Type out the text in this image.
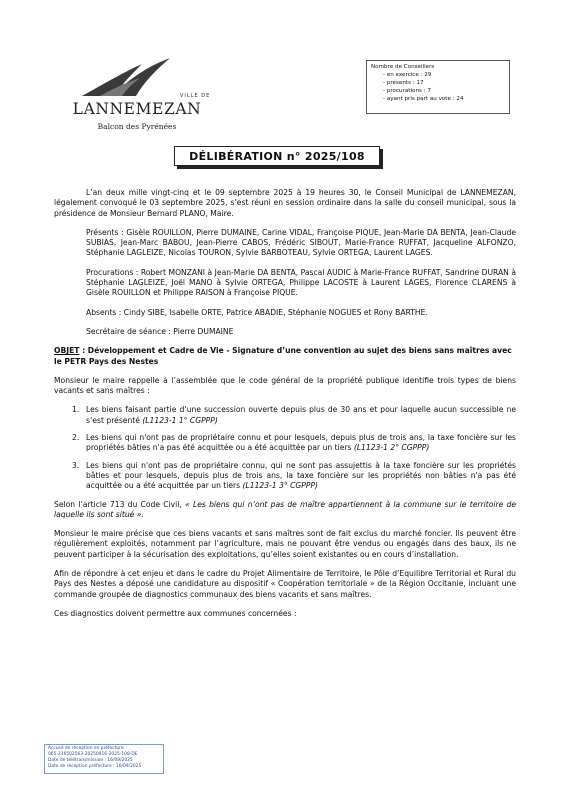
VILLE DE
LANNEMEZAN
Balcon des Pyrénées
Nombre de Conseillers
- en exercice : 29
- présents : 17
- procurations : 7
- ayant pris part au vote : 24
DÉLIBÉRATION n° 2025/108

L’an deux mille vingt-cinq et le 09 septembre 2025 à 19 heures 30, le Conseil Municipal de LANNEMEZAN, légalement convoqué le 03 septembre 2025, s’est réuni en session ordinaire dans la salle du conseil municipal, sous la présidence de Monsieur Bernard PLANO, Maire.

Présents : Gisèle ROUILLON, Pierre DUMAINE, Carine VIDAL, Françoise PIQUE, Jean-Marie DA BENTA, Jean-Claude SUBIAS, Jean-Marc BABOU, Jean-Pierre CABOS, Frédéric SIBOUT, Marie-France RUFFAT, Jacqueline ALFONZO, Stéphanie LAGLEIZE, Nicolas TOURON, Sylvie BARBOTEAU, Sylvie ORTEGA, Laurent LAGES.
Procurations : Robert MONZANI à Jean-Marie DA BENTA, Pascal AUDIC à Marie-France RUFFAT, Sandrine DURAN à Stéphanie LAGLEIZE, Joël MANO à Sylvie ORTEGA, Philippe LACOSTE à Laurent LAGES, Florence CLARENS à Gisèle ROUILLON et Philippe RAISON à Françoise PIQUE.
Absents : Cindy SIBE, Isabelle ORTE, Patrice ABADIE, Stéphanie NOGUES et Rony BARTHE.
Secrétaire de séance : Pierre DUMAINE

OBJET : Développement et Cadre de Vie - Signature d’une convention au sujet des biens sans maîtres avec le PETR Pays des Nestes

Monsieur le maire rappelle à l’assemblée que le code général de la propriété publique identifie trois types de biens vacants et sans maîtres :

1. Les biens faisant partie d’une succession ouverte depuis plus de 30 ans et pour laquelle aucun successible ne s’est présenté (L1123-1 1° CGPPP)
2. Les biens qui n'ont pas de propriétaire connu et pour lesquels, depuis plus de trois ans, la taxe foncière sur les propriétés bâties n'a pas été acquittée ou a été acquittée par un tiers (L1123-1 2° CGPPP)
3. Les biens qui n'ont pas de propriétaire connu, qui ne sont pas assujettis à la taxe foncière sur les propriétés bâties et pour lesquels, depuis plus de trois ans, la taxe foncière sur les propriétés non bâties n'a pas été acquittée ou a été acquittée par un tiers (L1123-1 3° CGPPP)

Selon l’article 713 du Code Civil, « Les biens qui n’ont pas de maître appartiennent à la commune sur le territoire de laquelle ils sont situé ».

Monsieur le maire précise que ces biens vacants et sans maîtres sont de fait exclus du marché foncier. Ils peuvent être régulièrement exploités, notamment par l’agriculture, mais ne pouvant être vendus ou engagés dans des baux, ils ne peuvent participer à la sécurisation des exploitations, qu’elles soient existantes ou en cours d’installation.

Afin de répondre à cet enjeu et dans le cadre du Projet Alimentaire de Territoire, le Pôle d’Equilibre Territorial et Rural du Pays des Nestes a déposé une candidature au dispositif « Coopération territoriale » de la Région Occitanie, incluant une commande groupée de diagnostics communaux des biens vacants et sans maîtres.

Ces diagnostics doivent permettre aux communes concernées :

Accusé de réception en préfecture
065-216502563-20250916-2025-108-DE
Date de télétransmission : 16/09/2025
Date de réception préfecture : 16/09/2025
